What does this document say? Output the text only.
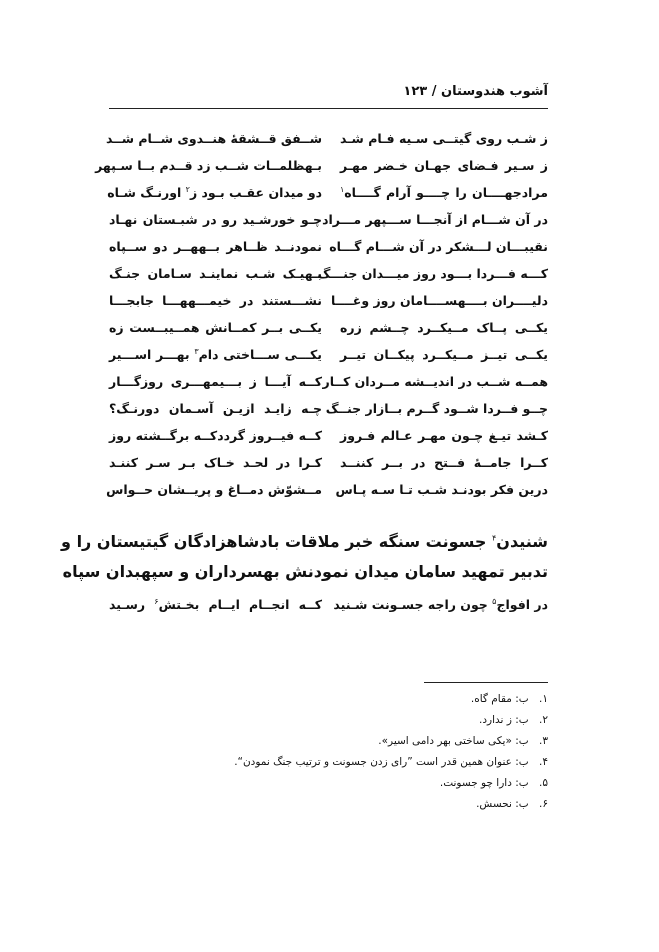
آشوب هندوستان / ۱۲۳
ز شـب روی گیتــی سـیه فـام شـد
شــفق قــشقهٔ هنــدوی شــام شــد
ز سـیر فـضای جهـان خـضر مهـر
بـهظلمــات شــب زد قــدم بــا سـپهر
مرادجهــــان را چــــو آرام گــــاه$^۱$
دو میدان عقـب بـود ز$^۲$ اورنـگ شـاه
در آن شـــام از آنجـــا ســـپهر مـــراد
چـو خورشـید رو در شبـستان نهـاد
نقیبـــان لـــشکر در آن شـــام گـــاه
نمودنــد ظــاهر بــههــر دو ســپاه
کـــه فـــردا بـــود روز میـــدان جنـــگ
بـهیـک شـب نماینـد سـامان جنـگ
دلیــــران بــــهســــامان روز وغــــا
نشـــستند در خیمـــههـــا جابجـــا
یکــی پــاک مــیکــرد چــشم زره
یکــی بــر کمــانش همــیبــست زه
یکــی تیــز مــیکــرد پیکــان تیــر
یکـــی ســـاختی دام$^۳$ بهـــر اســـیر
همــه شــب در اندیــشه مــردان کــار
کــه آیـــا ز بـــیمهـــری روزگـــار
چــو فــردا شــود گــرم بــازار جنــگ
چـه زایـد ازیـن آسـمان دورنـگ؟
کـشد تیـغ چـون مهـر عـالم فـروز
کــه فیــروز گرددکــه برگــشته روز
کــرا جامــهٔ فــتح در بــر کننــد
کـرا در لحـد خـاک بـر سـر کننـد
درین فکر بودنـد شـب تـا سـه پـاس
مــشوّش دمــاغ و پریــشان حــواس
شنیدن$^۴$ جسونت سنگه خبر ملاقات بادشاهزادگان گیتیستان را و
تدبیر تمهید سامان میدان نمودنش بهسرداران و سپهبدان سپاه
در افواج$^۵$ چون راجه جسـونت شـنید
کــه انجــام ایــام بخـتش$^۶$ رسـید
۱. ب: مقام گاه.
۲. ب: ز ندارد.
۳. ب: «یکی ساختی بهر دامی اسیر».
۴. ب: عنوان همین قدر است ”رای زدن جسونت و ترتیب جنگ نمودن“.
۵. ب: دارا چو جسونت.
۶. ب: نحسش.
